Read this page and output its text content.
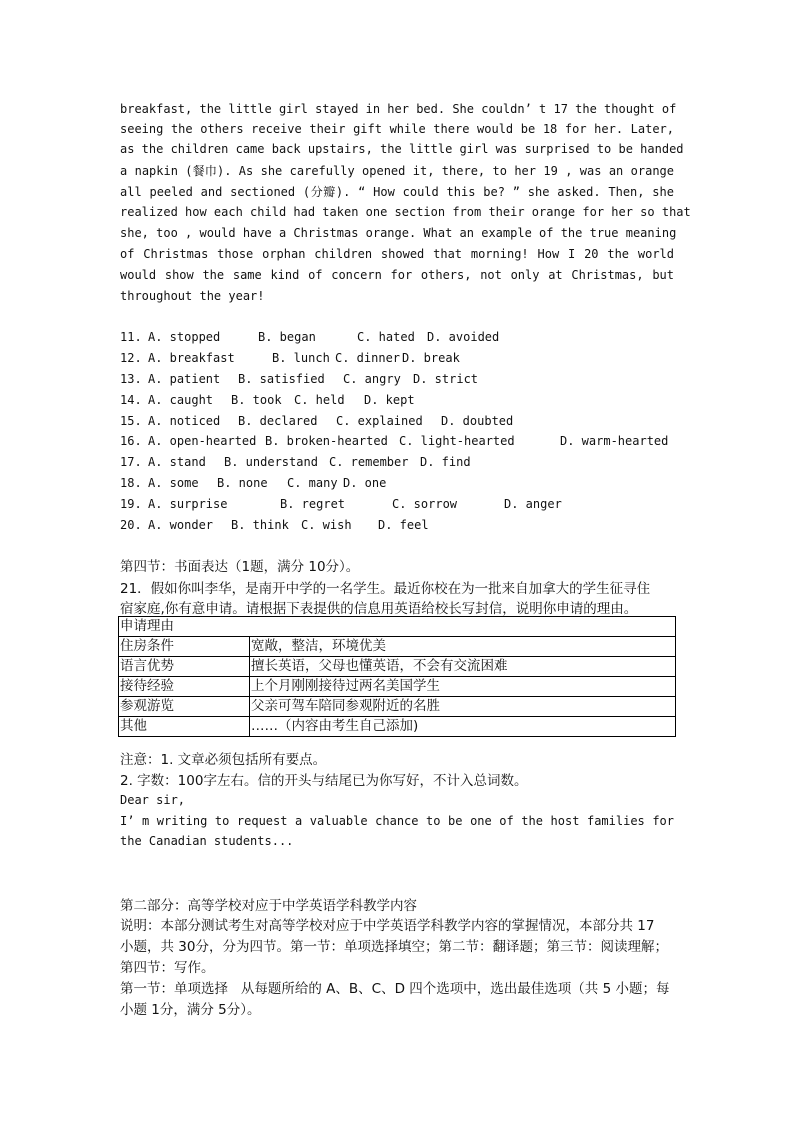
breakfast, the little girl stayed in her bed. She couldn’ t 17 the thought of
seeing the others receive their gift while there would be 18 for her. Later,
as the children came back upstairs, the little girl was surprised to be handed
a napkin (餐巾). As she carefully opened it, there, to her 19 , was an orange
all peeled and sectioned (分瓣). “ How could this be? ” she asked. Then, she
realized how each child had taken one section from their orange for her so that
she, too , would have a Christmas orange. What an example of the true meaning
of Christmas those orphan children showed that morning! How I 20 the world
would show the same kind of concern for others, not only at Christmas, but
throughout the year!
11. A. stopped	B. began	C. hated D. avoided
12. A. breakfast	B. lunch C. dinner D. break
13. A. patient B. satisfied C. angry D. strict
14. A. caught B. took C. held D. kept
15. A. noticed B. declared C. explained D. doubted
16. A. open-hearted B. broken-hearted C. light-hearted	D. warm-hearted
17. A. stand B. understand C. remember D. find
18. A. some B. none C. many D. one
19. A. surprise	B. regret	C. sorrow	D. anger
20. A. wonder B. think C. wish D. feel
第四节：书面表达（1题，满分 10分）。
21．假如你叫李华，是南开中学的一名学生。最近你校在为一批来自加拿大的学生征寻住
宿家庭,你有意申请。请根据下表提供的信息用英语给校长写封信，说明你申请的理由。
申请理由	
住房条件	宽敞，整洁，环境优美
语言优势	擅长英语，父母也懂英语，不会有交流困难
接待经验	上个月刚刚接待过两名美国学生
参观游览	父亲可驾车陪同参观附近的名胜
其他	……（内容由考生自己添加)
注意：1. 文章必须包括所有要点。
2. 字数：100字左右。信的开头与结尾已为你写好，不计入总词数。
Dear sir,
I’ m writing to request a valuable chance to be one of the host families for
the Canadian students...
第二部分：高等学校对应于中学英语学科教学内容
说明：本部分测试考生对高等学校对应于中学英语学科教学内容的掌握情况，本部分共 17
小题，共 30分，分为四节。第一节：单项选择填空；第二节：翻译题；第三节：阅读理解；
第四节：写作。
第一节：单项选择   从每题所给的 A、B、C、D 四个选项中，选出最佳选项（共 5 小题；每
小题 1分，满分 5分）。
